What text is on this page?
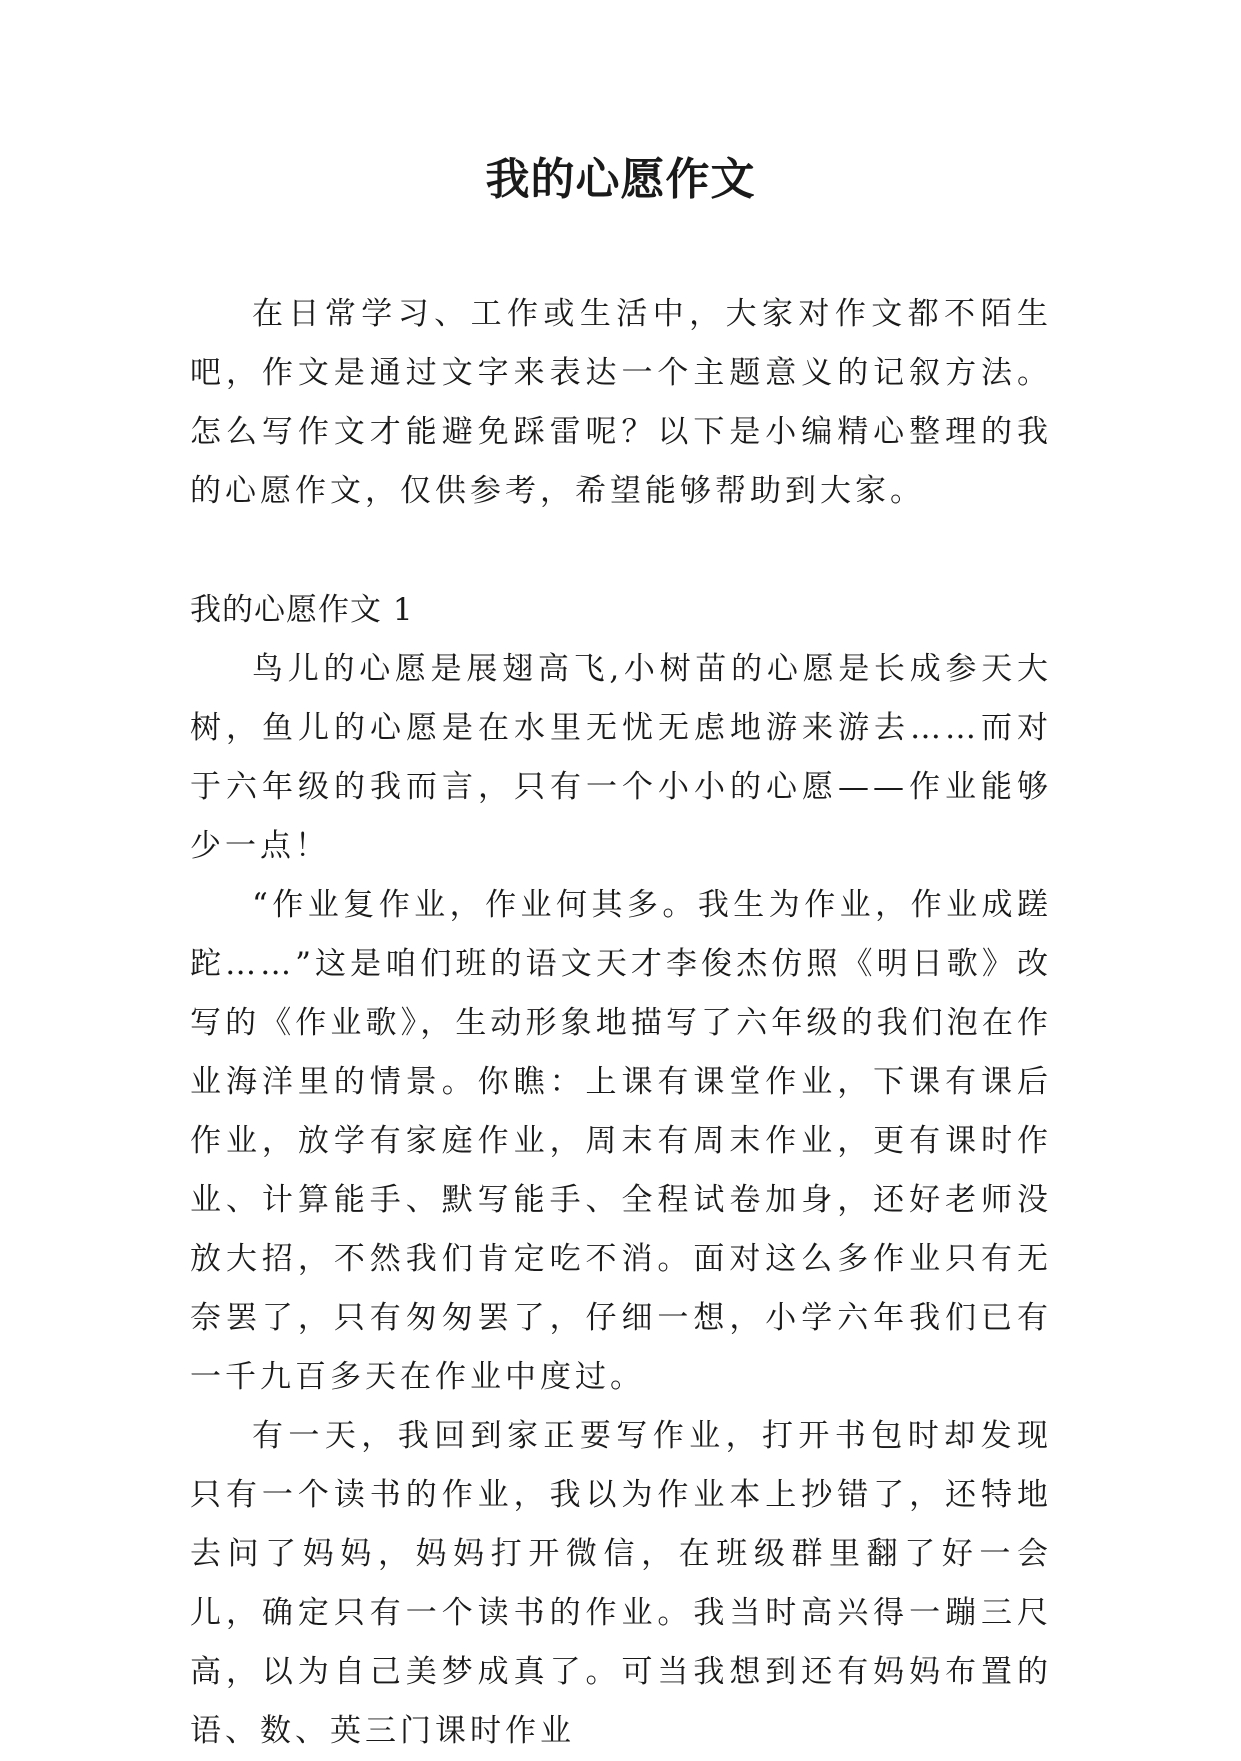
我的心愿作文

在日常学习、工作或生活中，大家对作文都不陌生吧，作文是通过文字来表达一个主题意义的记叙方法。怎么写作文才能避免踩雷呢？以下是小编精心整理的我的心愿作文，仅供参考，希望能够帮助到大家。

我的心愿作文 1

鸟儿的心愿是展翅高飞,小树苗的心愿是长成参天大树，鱼儿的心愿是在水里无忧无虑地游来游去……而对于六年级的我而言，只有一个小小的心愿——作业能够少一点！

“作业复作业，作业何其多。我生为作业，作业成蹉跎……”这是咱们班的语文天才李俊杰仿照《明日歌》改写的《作业歌》，生动形象地描写了六年级的我们泡在作业海洋里的情景。你瞧：上课有课堂作业，下课有课后作业，放学有家庭作业，周末有周末作业，更有课时作业、计算能手、默写能手、全程试卷加身，还好老师没放大招，不然我们肯定吃不消。面对这么多作业只有无奈罢了，只有匆匆罢了，仔细一想，小学六年我们已有一千九百多天在作业中度过。

有一天，我回到家正要写作业，打开书包时却发现只有一个读书的作业，我以为作业本上抄错了，还特地去问了妈妈，妈妈打开微信，在班级群里翻了好一会儿，确定只有一个读书的作业。我当时高兴得一蹦三尺高，以为自己美梦成真了。可当我想到还有妈妈布置的语、数、英三门课时作业
